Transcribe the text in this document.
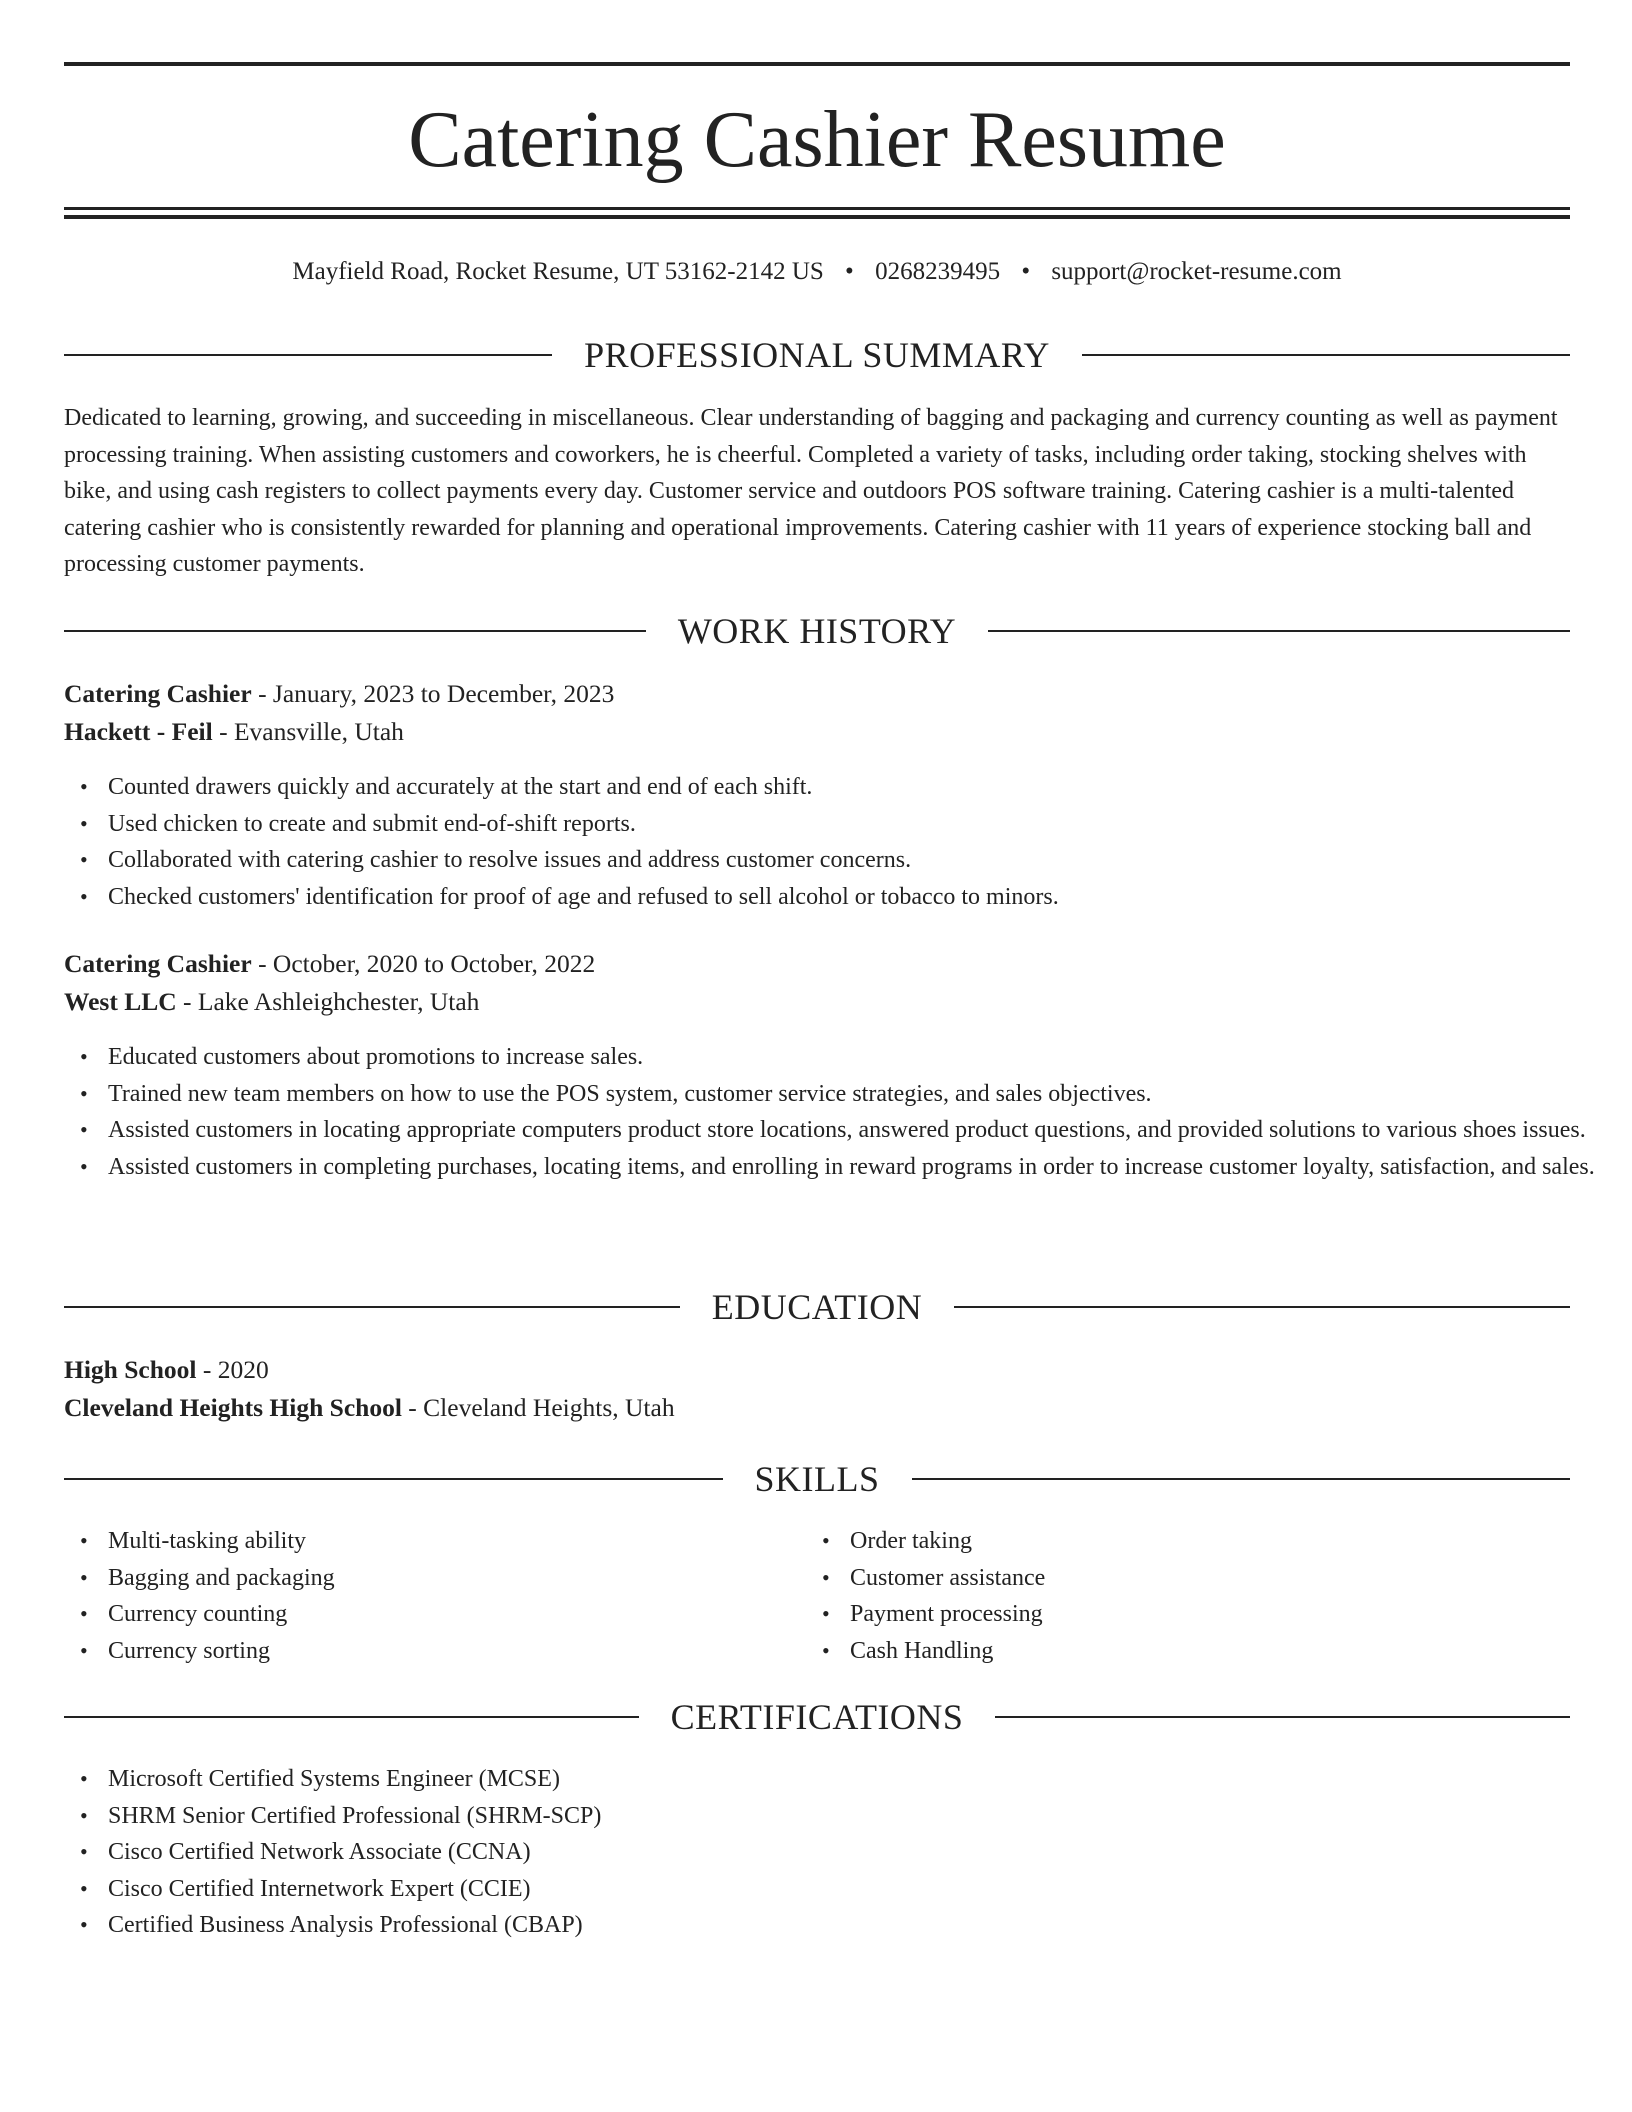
Catering Cashier Resume
Mayfield Road, Rocket Resume, UT 53162-2142 US • 0268239495 • support@rocket-resume.com
PROFESSIONAL SUMMARY

Dedicated to learning, growing, and succeeding in miscellaneous. Clear understanding of bagging and packaging and currency counting as well as payment processing training. When assisting customers and coworkers, he is cheerful. Completed a variety of tasks, including order taking, stocking shelves with bike, and using cash registers to collect payments every day. Customer service and outdoors POS software training. Catering cashier is a multi-talented catering cashier who is consistently rewarded for planning and operational improvements. Catering cashier with 11 years of experience stocking ball and processing customer payments.

WORK HISTORY
Catering Cashier - January, 2023 to December, 2023
Hackett - Feil - Evansville, Utah
• Counted drawers quickly and accurately at the start and end of each shift.
• Used chicken to create and submit end-of-shift reports.
• Collaborated with catering cashier to resolve issues and address customer concerns.
• Checked customers' identification for proof of age and refused to sell alcohol or tobacco to minors.
Catering Cashier - October, 2020 to October, 2022
West LLC - Lake Ashleighchester, Utah
• Educated customers about promotions to increase sales.
• Trained new team members on how to use the POS system, customer service strategies, and sales objectives.
• Assisted customers in locating appropriate computers product store locations, answered product questions, and provided solutions to various shoes issues.
• Assisted customers in completing purchases, locating items, and enrolling in reward programs in order to increase customer loyalty, satisfaction, and sales.
EDUCATION
High School - 2020
Cleveland Heights High School - Cleveland Heights, Utah
SKILLS
• Multi-tasking ability
• Bagging and packaging
• Currency counting
• Currency sorting
• Order taking
• Customer assistance
• Payment processing
• Cash Handling
CERTIFICATIONS
• Microsoft Certified Systems Engineer (MCSE)
• SHRM Senior Certified Professional (SHRM-SCP)
• Cisco Certified Network Associate (CCNA)
• Cisco Certified Internetwork Expert (CCIE)
• Certified Business Analysis Professional (CBAP)
